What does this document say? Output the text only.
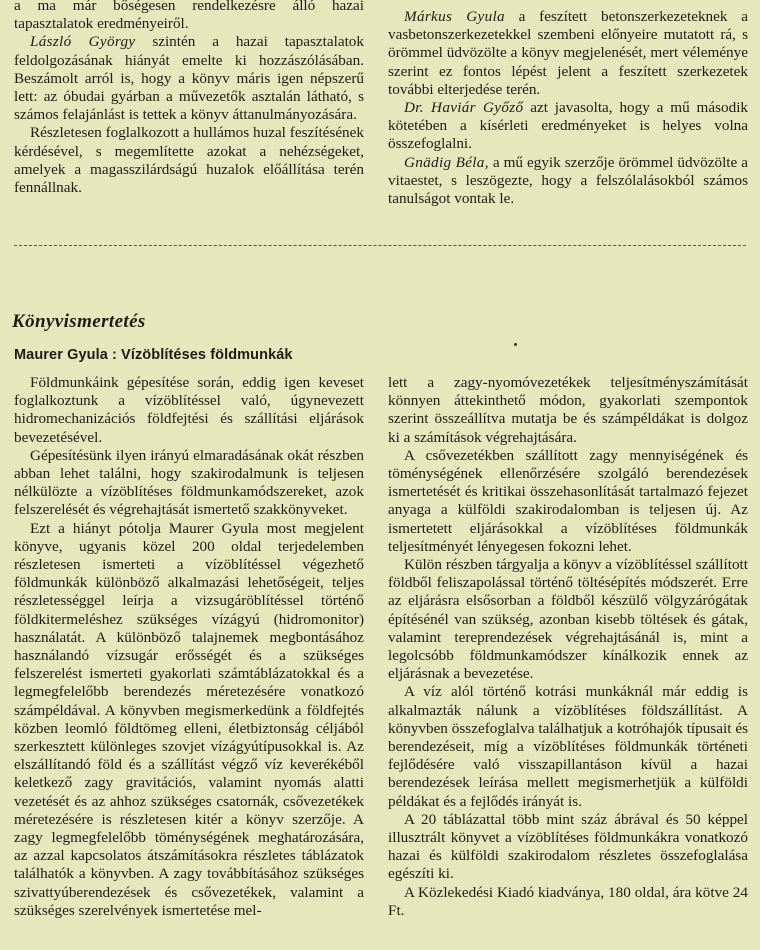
a ma már bőségesen rendelkezésre álló hazai tapasztalatok eredményeiről.

László György szintén a hazai tapasztalatok feldolgozásának hiányát emelte ki hozzászólásában. Beszámolt arról is, hogy a könyv máris igen népszerű lett: az óbudai gyárban a művezetők asztalán látható, s számos felajánlást is tettek a könyv áttanulmányozására.

Részletesen foglalkozott a hullámos huzal feszítésének kérdésével, s megemlítette azokat a nehézségeket, amelyek a magasszilárdságú huzalok előállítása terén fennállnak.

Márkus Gyula a feszített betonszerkezeteknek a vasbetonszerkezetekkel szembeni előnyeire mutatott rá, s örömmel üdvözölte a könyv megjelenését, mert véleménye szerint ez fontos lépést jelent a feszített szerkezetek további elterjedése terén.

Dr. Haviár Győző azt javasolta, hogy a mű második kötetében a kísérleti eredményeket is helyes volna összefoglalni.

Gnädig Béla, a mű egyik szerzője örömmel üdvözölte a vitaestet, s leszögezte, hogy a felszólalásokból számos tanulságot vontak le.

Könyvismertetés
Maurer Gyula : Vízöblítéses földmunkák

Földmunkáink gépesítése során, eddig igen keveset foglalkoztunk a vízöblítéssel való, úgynevezett hidromechanizációs földfejtési és szállítási eljárások bevezetésével.

Gépesítésünk ilyen irányú elmaradásának okát részben abban lehet találni, hogy szakirodalmunk is teljesen nélkülözte a vízöblítéses földmunkamódszereket, azok felszerelését és végrehajtását ismertető szakkönyveket.

Ezt a hiányt pótolja Maurer Gyula most megjelent könyve, ugyanis közel 200 oldal terjedelemben részletesen ismerteti a vízöblítéssel végezhető földmunkák különböző alkalmazási lehetőségeit, teljes részletességgel leírja a vizsugáröblítéssel történő földkitermeléshez szükséges vízágyú (hidromonitor) használatát. A különböző talajnemek megbontásához használandó vízsugár erősségét és a szükséges felszerelést ismerteti gyakorlati számtáblázatokkal és a legmegfelelőbb berendezés méretezésére vonatkozó számpéldával. A könyvben megismerkedünk a földfejtés közben leomló földtömeg elleni, életbiztonság céljából szerkesztett különleges szovjet vízágyútípusokkal is. Az elszállítandó föld és a szállítást végző víz keverékéből keletkező zagy gravitációs, valamint nyomás alatti vezetését és az ahhoz szükséges csatornák, csővezetékek méretezésére is részletesen kitér a könyv szerzője. A zagy legmegfelelőbb töménységének meghatározására, az azzal kapcsolatos átszámításokra részletes táblázatok találhatók a könyvben. A zagy továbbításához szükséges szivattyúberendezések és csővezetékek, valamint a szükséges szerelvények ismertetése mel-

lett a zagy-nyomóvezetékek teljesítményszámítását könnyen áttekinthető módon, gyakorlati szempontok szerint összeállítva mutatja be és számpéldákat is dolgoz ki a számítások végrehajtására.

A csővezetékben szállított zagy mennyiségének és töménységének ellenőrzésére szolgáló berendezések ismertetését és kritikai összehasonlítását tartalmazó fejezet anyaga a külföldi szakirodalomban is teljesen új. Az ismertetett eljárásokkal a vízöblítéses földmunkák teljesítményét lényegesen fokozni lehet.

Külön részben tárgyalja a könyv a vízöblítéssel szállított földből feliszapolással történő töltésépítés módszerét. Erre az eljárásra elsősorban a földből készülő völgyzárógátak építésénél van szükség, azonban kisebb töltések és gátak, valamint tereprendezések végrehajtásánál is, mint a legolcsóbb földmunkamódszer kínálkozik ennek az eljárásnak a bevezetése.

A víz alól történő kotrási munkáknál már eddig is alkalmazták nálunk a vízöblítéses földszállítást. A könyvben összefoglalva találhatjuk a kotróhajók típusait és berendezéseit, míg a vízöblítéses földmunkák történeti fejlődésére való visszapillantáson kívül a hazai berendezések leírása mellett megismerhetjük a külföldi példákat és a fejlődés irányát is.

A 20 táblázattal több mint száz ábrával és 50 képpel illusztrált könyvet a vízöblítéses földmunkákra vonatkozó hazai és külföldi szakirodalom részletes összefoglalása egészíti ki.

A Közlekedési Kiadó kiadványa, 180 oldal, ára kötve 24 Ft.
